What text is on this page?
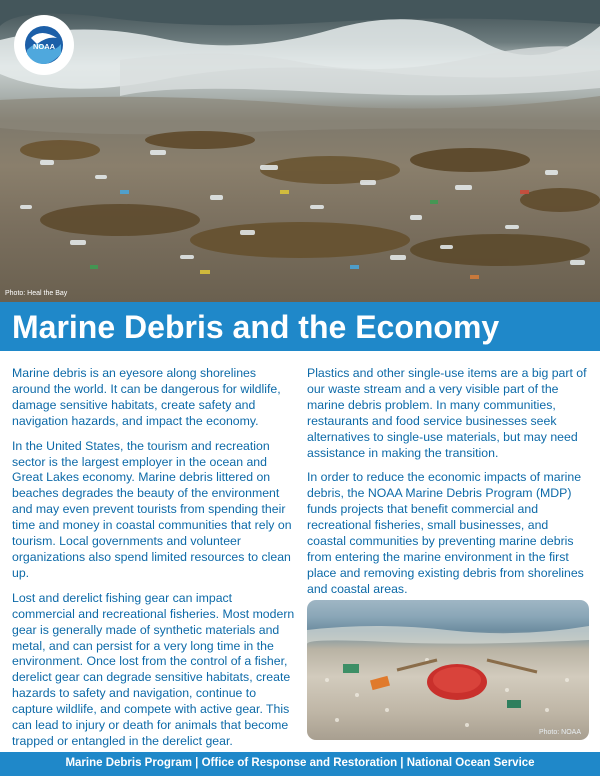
NOAA
Photo: Heal the Bay
Marine Debris and the Economy

Marine debris is an eyesore along shorelines around the world. It can be dangerous for wildlife, damage sensitive habitats, create safety and navigation hazards, and impact the economy.

In the United States, the tourism and recreation sector is the largest employer in the ocean and Great Lakes economy. Marine debris littered on beaches degrades the beauty of the environment and may even prevent tourists from spending their time and money in coastal communities that rely on tourism. Local governments and volunteer organizations also spend limited resources to clean up.

Lost and derelict fishing gear can impact commercial and recreational fisheries. Most modern gear is generally made of synthetic materials and metal, and can persist for a very long time in the environment. Once lost from the control of a fisher, derelict gear can degrade sensitive habitats, create hazards to safety and navigation, continue to capture wildlife, and compete with active gear. This can lead to injury or death for animals that become trapped or entangled in the derelict gear.

Plastics and other single-use items are a big part of our waste stream and a very visible part of the marine debris problem. In many communities, restaurants and food service businesses seek alternatives to single-use materials, but may need assistance in making the transition.

In order to reduce the economic impacts of marine debris, the NOAA Marine Debris Program (MDP) funds projects that benefit commercial and recreational fisheries, small businesses, and coastal communities by preventing marine debris from entering the marine environment in the first place and removing existing debris from shorelines and coastal areas.

Photo: NOAA
Marine Debris Program | Office of Response and Restoration | National Ocean Service
